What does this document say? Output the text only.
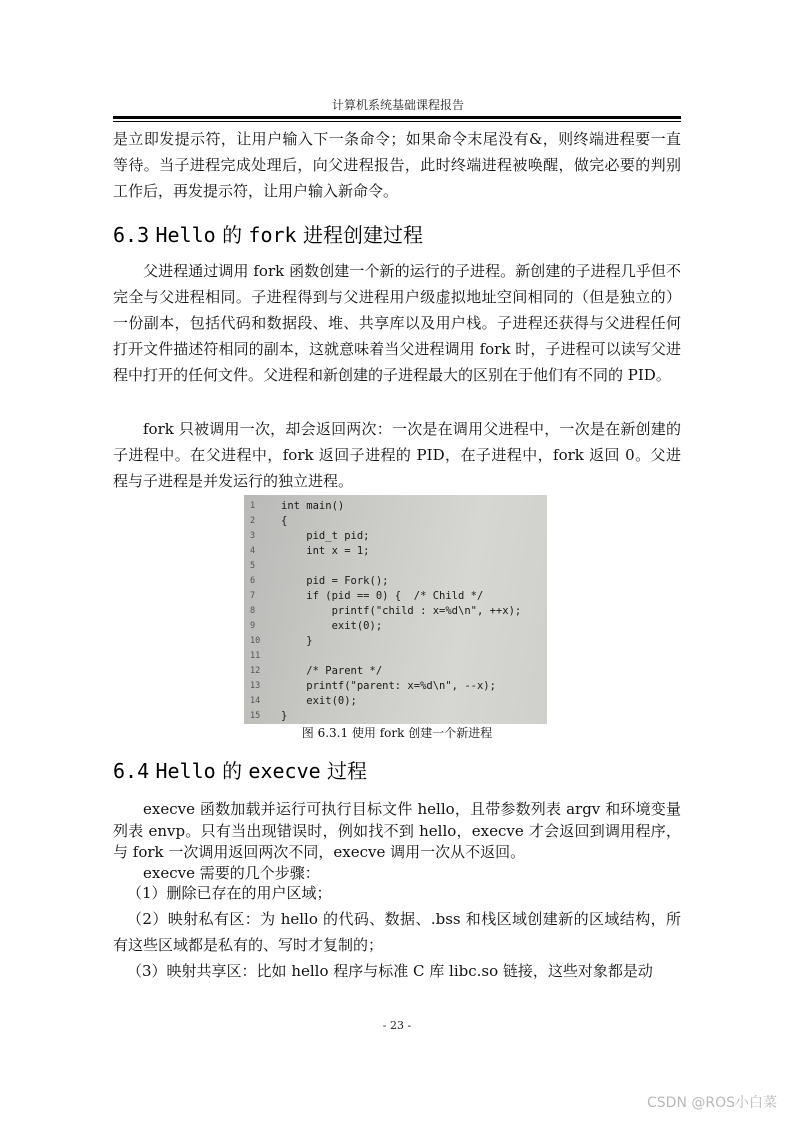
计算机系统基础课程报告

是立即发提示符，让用户输入下一条命令；如果命令末尾没有&，则终端进程要一直等待。当子进程完成处理后，向父进程报告，此时终端进程被唤醒，做完必要的判别工作后，再发提示符，让用户输入新命令。

6.3 Hello 的 fork 进程创建过程

父进程通过调用 fork 函数创建一个新的运行的子进程。新创建的子进程几乎但不完全与父进程相同。子进程得到与父进程用户级虚拟地址空间相同的（但是独立的）一份副本，包括代码和数据段、堆、共享库以及用户栈。子进程还获得与父进程任何打开文件描述符相同的副本，这就意味着当父进程调用 fork 时，子进程可以读写父进程中打开的任何文件。父进程和新创建的子进程最大的区别在于他们有不同的 PID。

fork 只被调用一次，却会返回两次：一次是在调用父进程中，一次是在新创建的子进程中。在父进程中，fork 返回子进程的 PID，在子进程中，fork 返回 0。父进程与子进程是并发运行的独立进程。

1	int main()
2	{
3	pid_t pid;
4	int x = 1;
5
6	pid = Fork();
7	if (pid == 0) {  /* Child */
8	printf("child : x=%d\n", ++x);
9	exit(0);
10	}
11
12	/* Parent */
13	printf("parent: x=%d\n", --x);
14	exit(0);
15	}
图 6.3.1 使用 fork 创建一个新进程
6.4 Hello 的 execve 过程

execve 函数加载并运行可执行目标文件 hello，且带参数列表 argv 和环境变量列表 envp。只有当出现错误时，例如找不到 hello，execve 才会返回到调用程序，与 fork 一次调用返回两次不同，execve 调用一次从不返回。

execve 需要的几个步骤：

（1）删除已存在的用户区域；

（2）映射私有区：为 hello 的代码、数据、.bss 和栈区域创建新的区域结构，所有这些区域都是私有的、写时才复制的；

（3）映射共享区：比如 hello 程序与标准 C 库 libc.so 链接，这些对象都是动

- 23 -
CSDN @ROS小白菜
